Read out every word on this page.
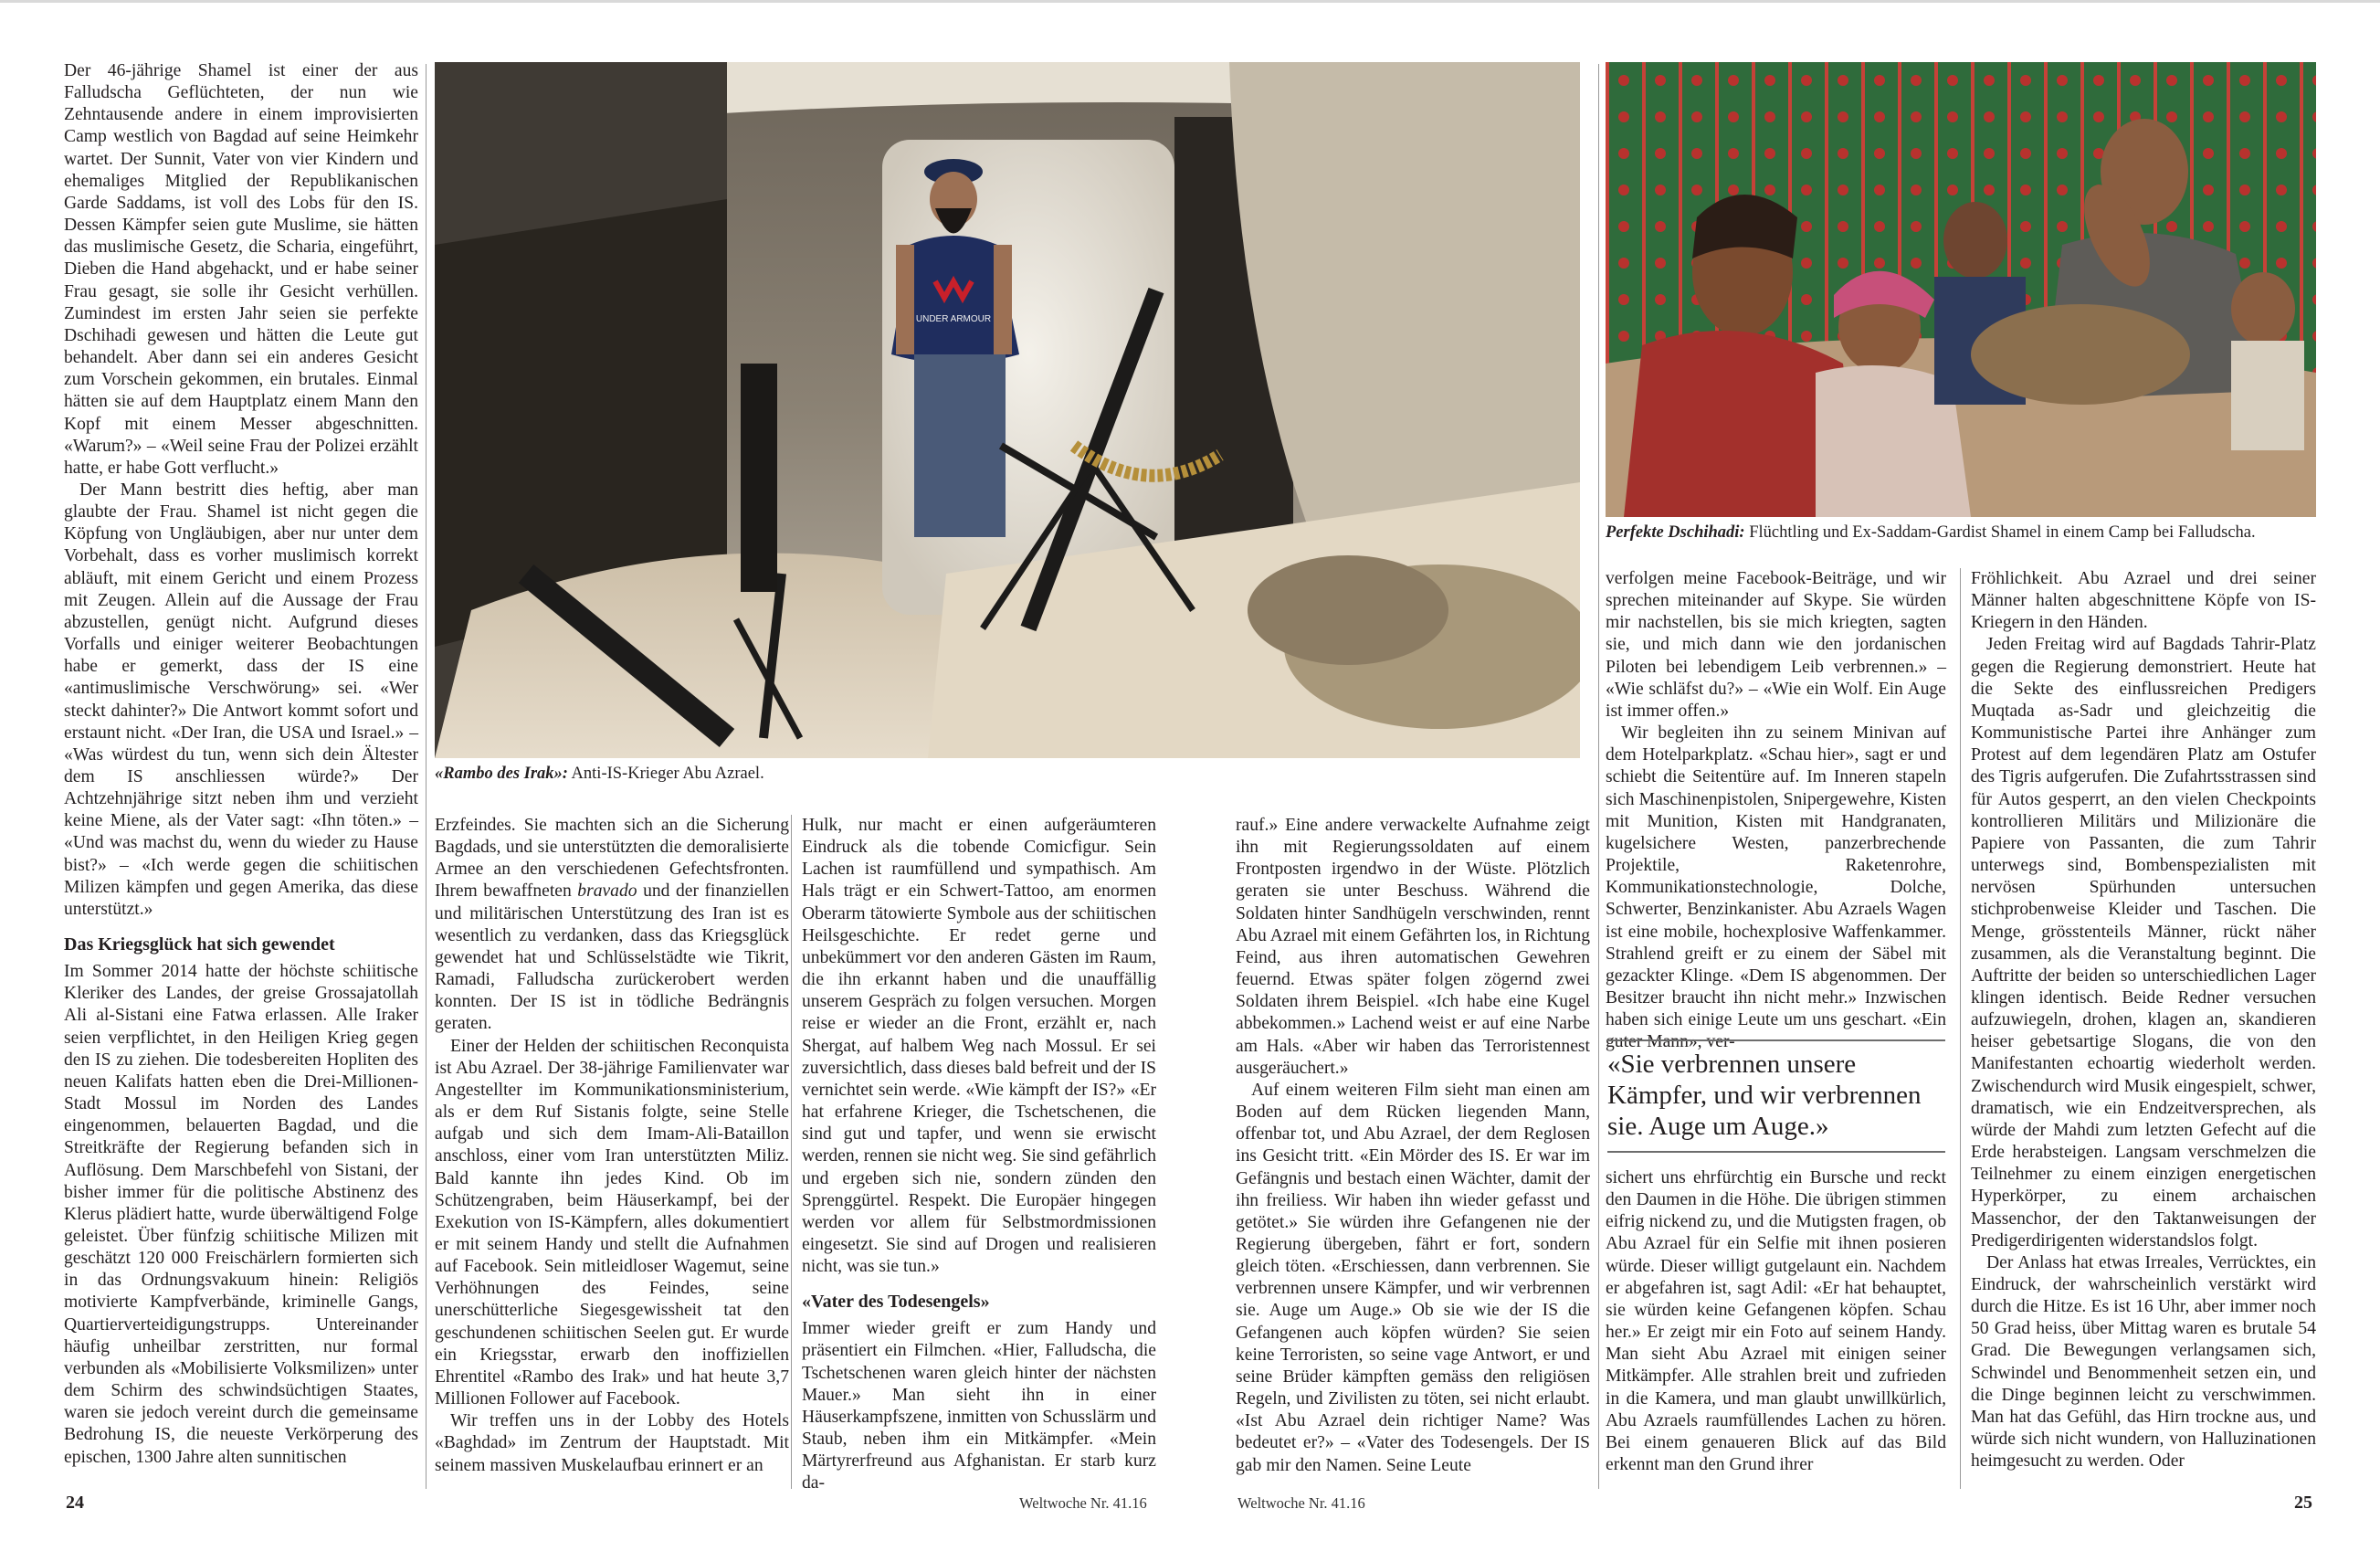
Der 46-jährige Shamel ist einer der aus Falludscha Geflüchteten, der nun wie Zehntausende andere in einem improvisierten Camp westlich von Bagdad auf seine Heimkehr wartet. Der Sunnit, Vater von vier Kindern und ehemaliges Mitglied der Republikanischen Garde Saddams, ist voll des Lobs für den IS. Dessen Kämpfer seien gute Muslime, sie hätten das muslimische Gesetz, die Scharia, eingeführt, Dieben die Hand abgehackt, und er habe seiner Frau gesagt, sie solle ihr Gesicht verhüllen. Zumindest im ersten Jahr seien sie perfekte Dschihadi gewesen und hätten die Leute gut behandelt. Aber dann sei ein anderes Gesicht zum Vorschein gekommen, ein brutales. Einmal hätten sie auf dem Hauptplatz einem Mann den Kopf mit einem Messer abgeschnitten. «Warum?» – «Weil seine Frau der Polizei erzählt hatte, er habe Gott verflucht.»

Der Mann bestritt dies heftig, aber man glaubte der Frau. Shamel ist nicht gegen die Köpfung von Ungläubigen, aber nur unter dem Vorbehalt, dass es vorher muslimisch korrekt abläuft, mit einem Gericht und einem Prozess mit Zeugen. Allein auf die Aussage der Frau abzustellen, genügt nicht. Aufgrund dieses Vorfalls und einiger weiterer Beobachtungen habe er gemerkt, dass der IS eine «antimuslimische Verschwörung» sei. «Wer steckt dahinter?» Die Antwort kommt sofort und erstaunt nicht. «Der Iran, die USA und Israel.» – «Was würdest du tun, wenn sich dein Ältester dem IS anschliessen würde?» Der Achtzehnjährige sitzt neben ihm und verzieht keine Miene, als der Vater sagt: «Ihn töten.» – «Und was machst du, wenn du wieder zu Hause bist?» – «Ich werde gegen die schiitischen Milizen kämpfen und gegen Amerika, das diese unterstützt.»

Das Kriegsglück hat sich gewendet

Im Sommer 2014 hatte der höchste schiitische Kleriker des Landes, der greise Grossajatollah Ali al-Sistani eine Fatwa erlassen. Alle Iraker seien verpflichtet, in den Heiligen Krieg gegen den IS zu ziehen. Die todesbereiten Hopliten des neuen Kalifats hatten eben die Drei-Millionen-Stadt Mossul im Norden des Landes eingenommen, belauerten Bagdad, und die Streitkräfte der Regierung befanden sich in Auflösung. Dem Marschbefehl von Sistani, der bisher immer für die politische Abstinenz des Klerus plädiert hatte, wurde überwältigend Folge geleistet. Über fünfzig schiitische Milizen mit geschätzt 120 000 Freischärlern formierten sich in das Ordnungsvakuum hinein: Religiös motivierte Kampfverbände, kriminelle Gangs, Quartierverteidigungstrupps. Untereinander häufig unheilbar zerstritten, nur formal verbunden als «Mobilisierte Volksmilizen» unter dem Schirm des schwindsüchtigen Staates, waren sie jedoch vereint durch die gemeinsame Bedrohung IS, die neueste Verkörperung des epischen, 1300 Jahre alten sunnitischen

UNDER ARMOUR
«Rambo des Irak»: Anti-IS-Krieger Abu Azrael.

Erzfeindes. Sie machten sich an die Sicherung Bagdads, und sie unterstützten die demoralisierte Armee an den verschiedenen Gefechtsfronten. Ihrem bewaffneten bravado und der finanziellen und militärischen Unterstützung des Iran ist es wesentlich zu verdanken, dass das Kriegsglück gewendet hat und Schlüsselstädte wie Tikrit, Ramadi, Falludscha zurückerobert werden konnten. Der IS ist in tödliche Bedrängnis geraten.

Einer der Helden der schiitischen Reconquista ist Abu Azrael. Der 38-jährige Familienvater war Angestellter im Kommunikationsministerium, als er dem Ruf Sistanis folgte, seine Stelle aufgab und sich dem Imam-Ali-Bataillon anschloss, einer vom Iran unterstützten Miliz. Bald kannte ihn jedes Kind. Ob im Schützengraben, beim Häuserkampf, bei der Exekution von IS-Kämpfern, alles dokumentiert er mit seinem Handy und stellt die Aufnahmen auf Facebook. Sein mitleidloser Wagemut, seine Verhöhnungen des Feindes, seine unerschütterliche Siegesgewissheit tat den geschundenen schiitischen Seelen gut. Er wurde ein Kriegsstar, erwarb den inoffiziellen Ehrentitel «Rambo des Irak» und hat heute 3,7 Millionen Follower auf Facebook.

Wir treffen uns in der Lobby des Hotels «Baghdad» im Zentrum der Hauptstadt. Mit seinem massiven Muskelaufbau erinnert er an

Hulk, nur macht er einen aufgeräumteren Eindruck als die tobende Comicfigur. Sein Lachen ist raumfüllend und sympathisch. Am Hals trägt er ein Schwert-Tattoo, am enormen Oberarm tätowierte Symbole aus der schiitischen Heilsgeschichte. Er redet gerne und unbekümmert vor den anderen Gästen im Raum, die ihn erkannt haben und die unauffällig unserem Gespräch zu folgen versuchen. Morgen reise er wieder an die Front, erzählt er, nach Shergat, auf halbem Weg nach Mossul. Er sei zuversichtlich, dass dieses bald befreit und der IS vernichtet sein werde. «Wie kämpft der IS?» «Er hat erfahrene Krieger, die Tschetschenen, die sind gut und tapfer, und wenn sie erwischt werden, rennen sie nicht weg. Sie sind gefährlich und ergeben sich nie, sondern zünden den Sprenggürtel. Respekt. Die Europäer hingegen werden vor allem für Selbstmordmissionen eingesetzt. Sie sind auf Drogen und realisieren nicht, was sie tun.»

«Vater des Todesengels»

Immer wieder greift er zum Handy und präsentiert ein Filmchen. «Hier, Falludscha, die Tschetschenen waren gleich hinter der nächsten Mauer.» Man sieht ihn in einer Häuserkampfszene, inmitten von Schusslärm und Staub, neben ihm ein Mitkämpfer. «Mein Märtyrerfreund aus Afghanistan. Er starb kurz da-

24	Weltwoche Nr. 41.16

rauf.» Eine andere verwackelte Aufnahme zeigt ihn mit Regierungssoldaten auf einem Frontposten irgendwo in der Wüste. Plötzlich geraten sie unter Beschuss. Während die Soldaten hinter Sandhügeln verschwinden, rennt Abu Azrael mit einem Gefährten los, in Richtung Feind, aus ihren automatischen Gewehren feuernd. Etwas später folgen zögernd zwei Soldaten ihrem Beispiel. «Ich habe eine Kugel abbekommen.» Lachend weist er auf eine Narbe am Hals. «Aber wir haben das Terroristennest ausgeräuchert.»

Auf einem weiteren Film sieht man einen am Boden auf dem Rücken liegenden Mann, offenbar tot, und Abu Azrael, der dem Reglosen ins Gesicht tritt. «Ein Mörder des IS. Er war im Gefängnis und bestach einen Wächter, damit der ihn freiliess. Wir haben ihn wieder gefasst und getötet.» Sie würden ihre Gefangenen nie der Regierung übergeben, fährt er fort, sondern gleich töten. «Erschiessen, dann verbrennen. Sie verbrennen unsere Kämpfer, und wir verbrennen sie. Auge um Auge.» Ob sie wie der IS die Gefangenen auch köpfen würden? Sie seien keine Terroristen, so seine vage Antwort, er und seine Brüder kämpften gemäss den religiösen Regeln, und Zivilisten zu töten, sei nicht erlaubt. «Ist Abu Azrael dein richtiger Name? Was bedeutet er?» – «Vater des Todesengels. Der IS gab mir den Namen. Seine Leute

Perfekte Dschihadi: Flüchtling und Ex-Saddam-Gardist Shamel in einem Camp bei Falludscha.

verfolgen meine Facebook-Beiträge, und wir sprechen miteinander auf Skype. Sie würden mir nachstellen, bis sie mich kriegten, sagten sie, und mich dann wie den jordanischen Piloten bei lebendigem Leib verbrennen.» – «Wie schläfst du?» – «Wie ein Wolf. Ein Auge ist immer offen.»

Wir begleiten ihn zu seinem Minivan auf dem Hotelparkplatz. «Schau hier», sagt er und schiebt die Seitentüre auf. Im Inneren stapeln sich Maschinenpistolen, Snipergewehre, Kisten mit Munition, Kisten mit Handgranaten, kugelsichere Westen, panzerbrechende Projektile, Raketenrohre, Kommunikationstechnologie, Dolche, Schwerter, Benzinkanister. Abu Azraels Wagen ist eine mobile, hochexplosive Waffenkammer. Strahlend greift er zu einem der Säbel mit gezackter Klinge. «Dem IS abgenommen. Der Besitzer braucht ihn nicht mehr.» Inzwischen haben sich einige Leute um uns geschart. «Ein guter Mann», ver-

«Sie verbrennen unsere Kämpfer, und wir verbrennen sie. Auge um Auge.»

sichert uns ehrfürchtig ein Bursche und reckt den Daumen in die Höhe. Die übrigen stimmen eifrig nickend zu, und die Mutigsten fragen, ob Abu Azrael für ein Selfie mit ihnen posieren würde. Dieser willigt gutgelaunt ein. Nachdem er abgefahren ist, sagt Adil: «Er hat behauptet, sie würden keine Gefangenen köpfen. Schau her.» Er zeigt mir ein Foto auf seinem Handy. Man sieht Abu Azrael mit einigen seiner Mitkämpfer. Alle strahlen breit und zufrieden in die Kamera, und man glaubt unwillkürlich, Abu Azraels raumfüllendes Lachen zu hören. Bei einem genaueren Blick auf das Bild erkennt man den Grund ihrer

Fröhlichkeit. Abu Azrael und drei seiner Männer halten abgeschnittene Köpfe von IS-Kriegern in den Händen.

Jeden Freitag wird auf Bagdads Tahrir-Platz gegen die Regierung demonstriert. Heute hat die Sekte des einflussreichen Predigers Muqtada as-Sadr und gleichzeitig die Kommunistische Partei ihre Anhänger zum Protest auf dem legendären Platz am Ostufer des Tigris aufgerufen. Die Zufahrtsstrassen sind für Autos gesperrt, an den vielen Checkpoints kontrollieren Militärs und Milizionäre die Papiere von Passanten, die zum Tahrir unterwegs sind, Bombenspezialisten mit nervösen Spürhunden untersuchen stichprobenweise Kleider und Taschen. Die Menge, grösstenteils Männer, rückt näher zusammen, als die Veranstaltung beginnt. Die Auftritte der beiden so unterschiedlichen Lager klingen identisch. Beide Redner versuchen aufzuwiegeln, drohen, klagen an, skandieren heiser gebetsartige Slogans, die von den Manifestanten echoartig wiederholt werden. Zwischendurch wird Musik eingespielt, schwer, dramatisch, wie ein Endzeitversprechen, als würde der Mahdi zum letzten Gefecht auf die Erde herabsteigen. Langsam verschmelzen die Teilnehmer zu einem einzigen energetischen Hyperkörper, zu einem archaischen Massenchor, der den Taktanweisungen der Predigerdirigenten widerstandslos folgt.

Der Anlass hat etwas Irreales, Verrücktes, ein Eindruck, der wahrscheinlich verstärkt wird durch die Hitze. Es ist 16 Uhr, aber immer noch 50 Grad heiss, über Mittag waren es brutale 54 Grad. Die Bewegungen verlangsamen sich, Schwindel und Benommenheit setzen ein, und die Dinge beginnen leicht zu verschwimmen. Man hat das Gefühl, das Hirn trockne aus, und würde sich nicht wundern, von Halluzinationen heimgesucht zu werden. Oder

Weltwoche Nr. 41.16	25
